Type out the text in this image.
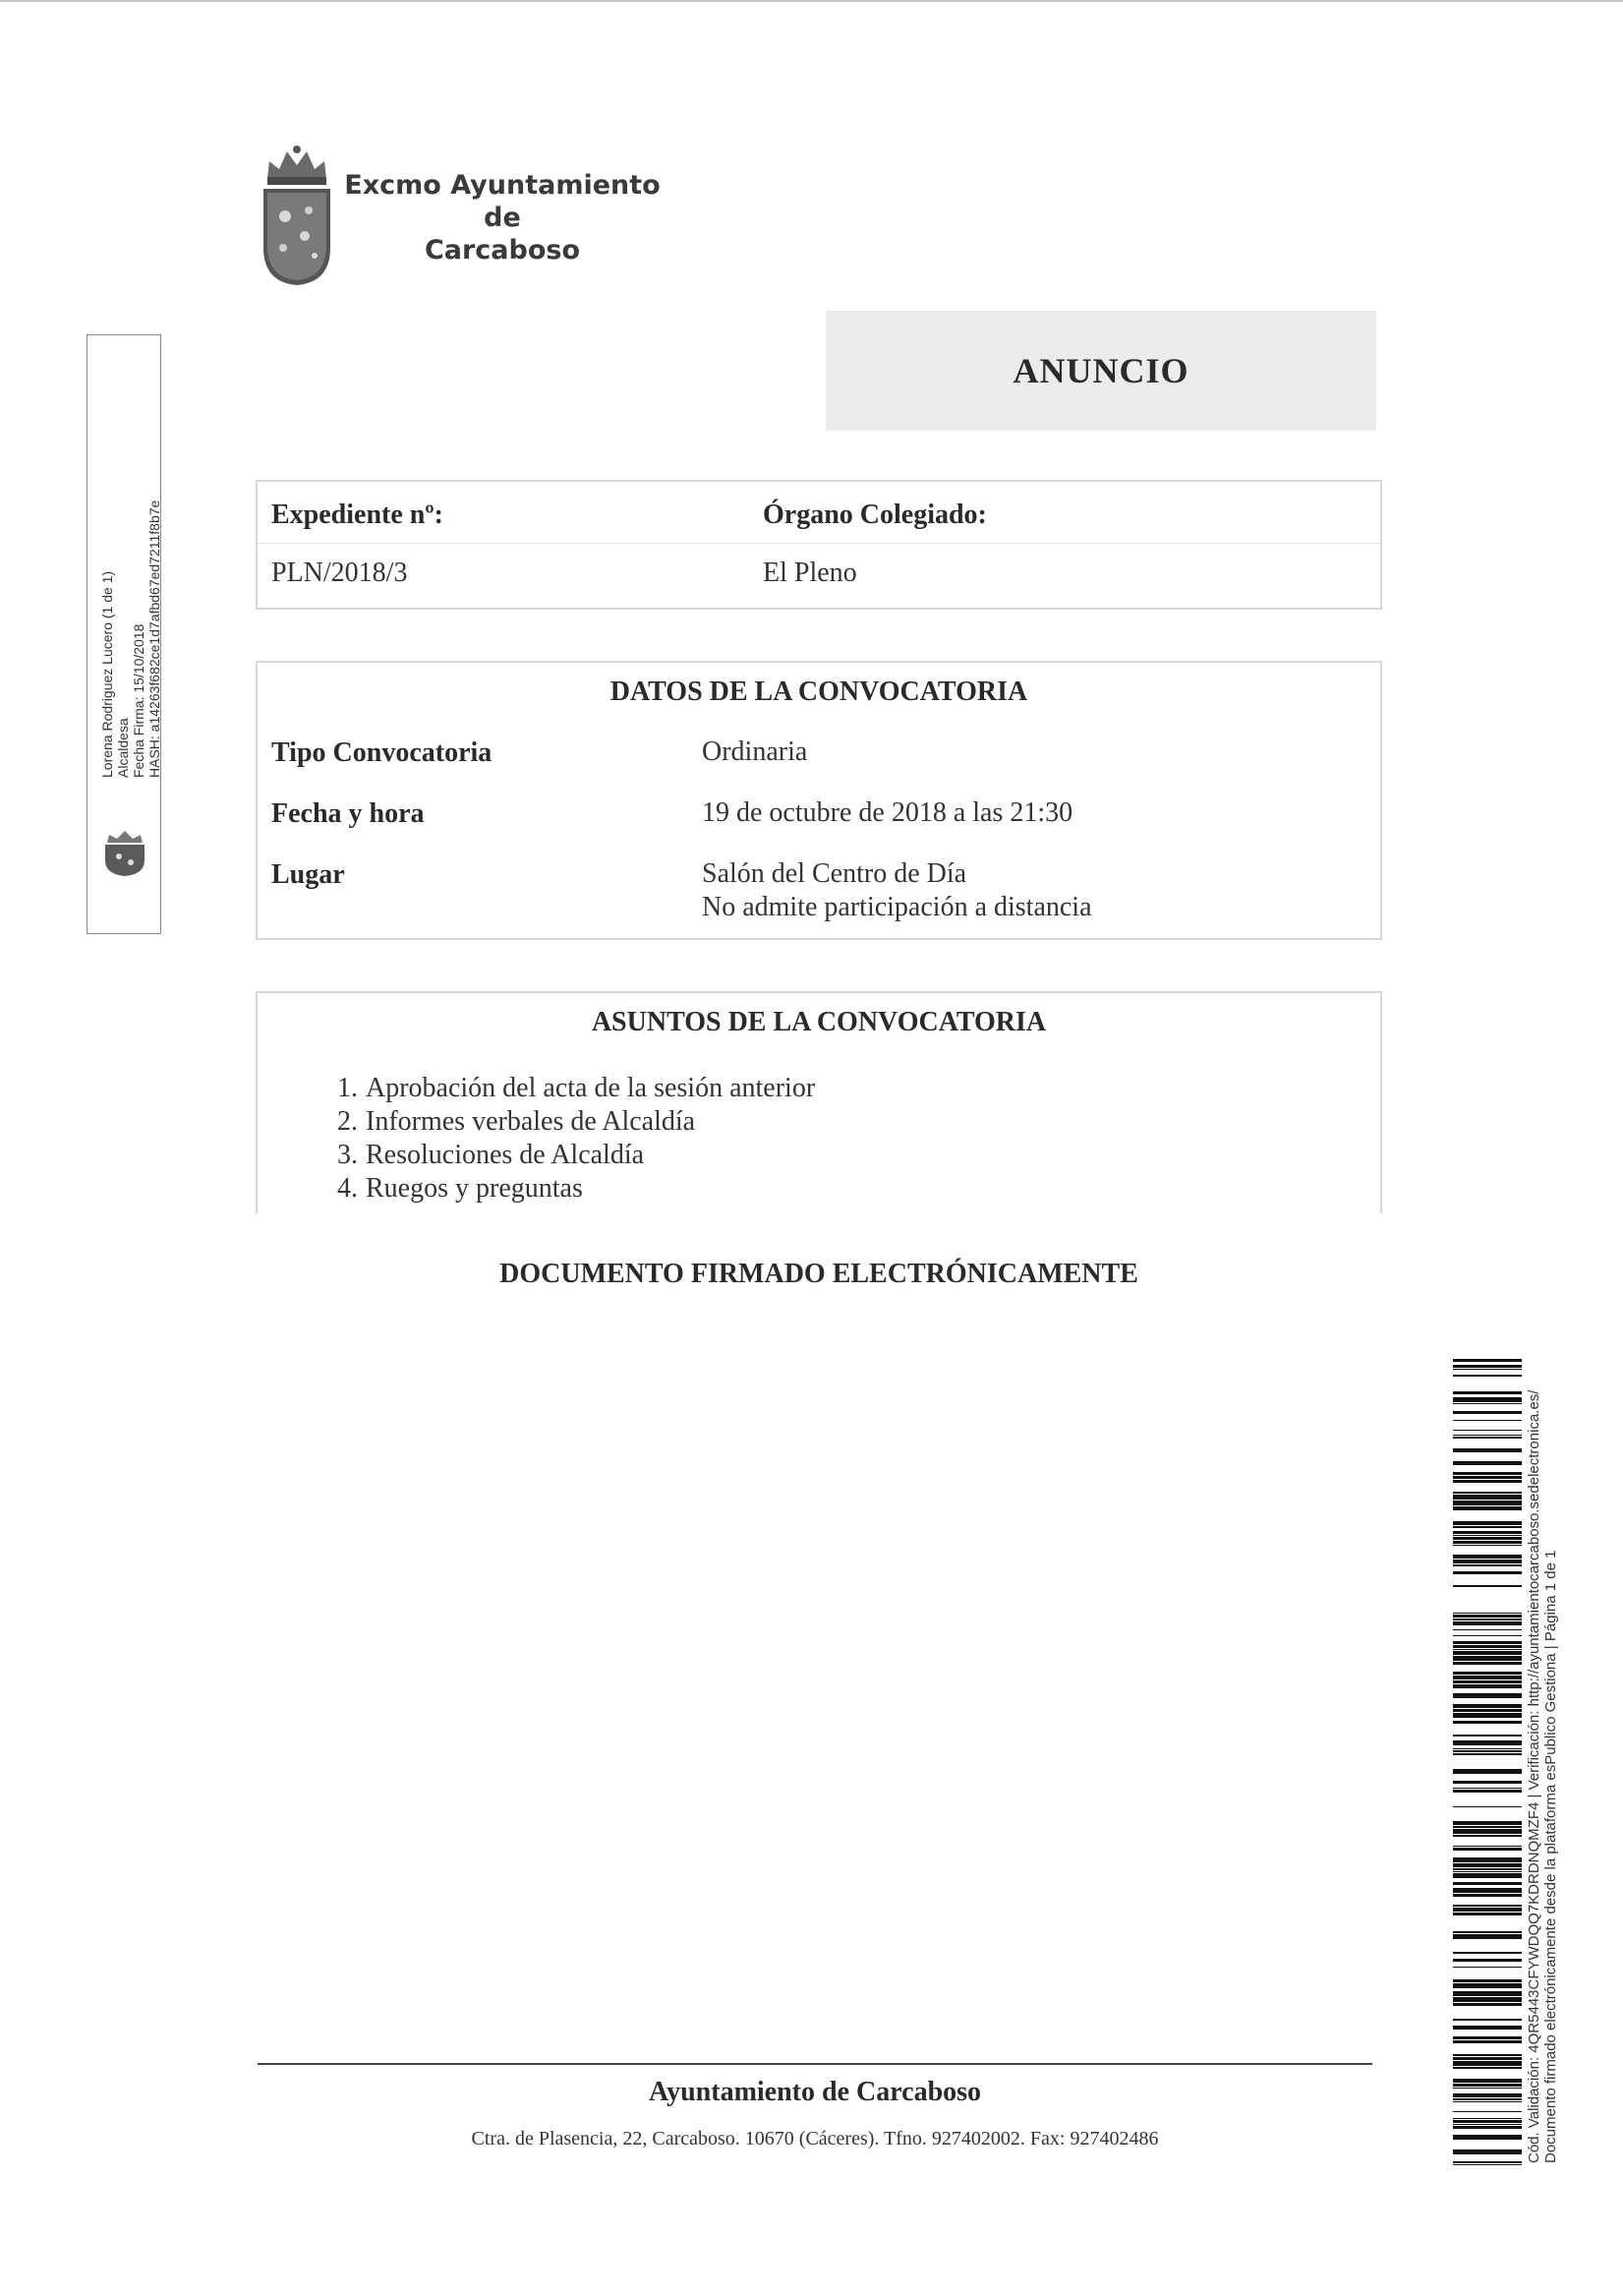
Excmo Ayuntamiento
de
Carcaboso
ANUNCIO
Lorena Rodriguez Lucero (1 de 1) Alcaldesa Fecha Firma: 15/10/2018 HASH: a14263f682ce1d7afbd67ed7211f8b7e	Expediente nº:	Órgano Colegiado:
PLN/2018/3	El Pleno
DATOS DE LA CONVOCATORIA
Tipo Convocatoria	Ordinaria
Fecha y hora	19 de octubre de 2018 a las 21:30
Lugar	Salón del Centro de Día
No admite participación a distancia
ASUNTOS DE LA CONVOCATORIA
1. Aprobación del acta de la sesión anterior
2. Informes verbales de Alcaldía
3. Resoluciones de Alcaldía
4. Ruegos y preguntas
DOCUMENTO FIRMADO ELECTRÓNICAMENTE
Cód. Validación: 4QR5443CFYWDQQ7KDRDNQMZF4 | Verificación: http://ayuntamientocarcaboso.sedelectronica.es/ Documento firmado electrónicamente desde la plataforma esPublico Gestiona | Página 1 de 1
Ayuntamiento de Carcaboso
Ctra. de Plasencia, 22, Carcaboso. 10670 (Cáceres). Tfno. 927402002. Fax: 927402486
